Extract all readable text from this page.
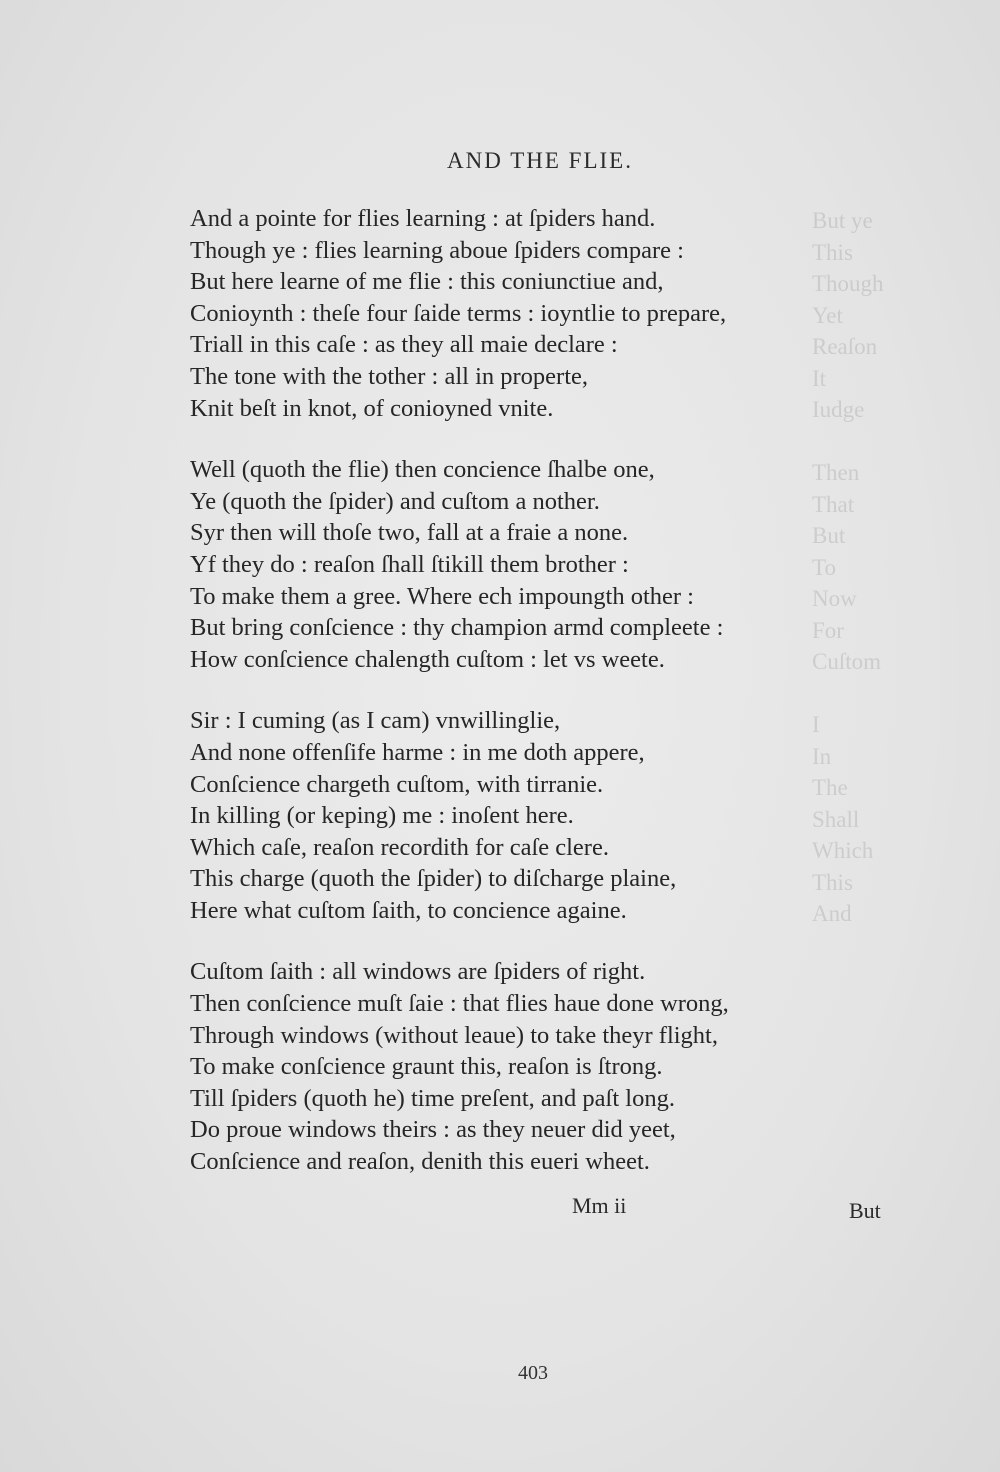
But ye
This
Though
Yet
Reaſon
It
Iudge

Then
That
But
To
Now
For
Cuſtom

I
In
The
Shall
Which
This
And
AND THE FLIE.
And a pointe for flies learning : at ſpiders hand.
Though ye : flies learning aboue ſpiders compare :
But here learne of me flie : this coniunctiue and,
Conioynth : theſe four ſaide terms : ioyntlie to prepare,
Triall in this caſe : as they all maie declare :
The tone with the tother : all in properte,
Knit beſt in knot, of conioyned vnite.
Well (quoth the flie) then concience ſhalbe one,
Ye (quoth the ſpider) and cuſtom a nother.
Syr then will thoſe two, fall at a fraie a none.
Yf they do : reaſon ſhall ſtikill them brother :
To make them a gree. Where ech impoungth other :
But bring conſcience : thy champion armd compleete :
How conſcience chalength cuſtom : let vs weete.
Sir : I cuming (as I cam) vnwillinglie,
And none offenſife harme : in me doth appere,
Conſcience chargeth cuſtom, with tirranie.
In killing (or keping) me : inoſent here.
Which caſe, reaſon recordith for caſe clere.
This charge (quoth the ſpider) to diſcharge plaine,
Here what cuſtom ſaith, to concience againe.
Cuſtom ſaith : all windows are ſpiders of right.
Then conſcience muſt ſaie : that flies haue done wrong,
Through windows (without leaue) to take theyr flight,
To make conſcience graunt this, reaſon is ſtrong.
Till ſpiders (quoth he) time preſent, and paſt long.
Do proue windows theirs : as they neuer did yeet,
Conſcience and reaſon, denith this eueri wheet.
Mm ii	But
403
